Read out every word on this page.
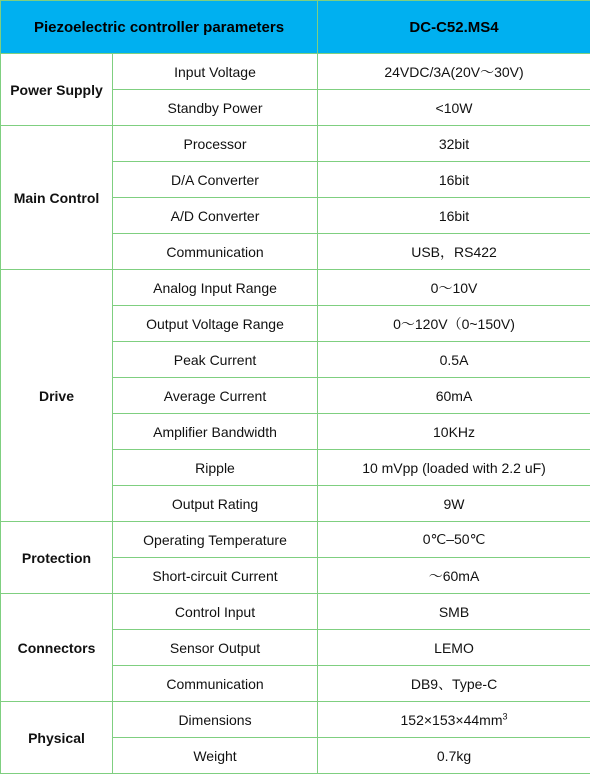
Piezoelectric controller parameters		DC-C52.MS4
Power Supply	Input Voltage	24VDC/3A(20V～30V)
	Standby Power	<10W
Main Control	Processor	32bit
	D/A Converter	16bit
	A/D Converter	16bit
	Communication	USB，RS422
Drive	Analog Input Range	0～10V
	Output Voltage Range	0～120V（0~150V)
	Peak Current	0.5A
	Average Current	60mA
	Amplifier Bandwidth	10KHz
	Ripple	10 mVpp (loaded with 2.2 uF)
	Output Rating	9W
Protection	Operating Temperature	0℃–50℃
	Short-circuit Current	～60mA
Connectors	Control Input	SMB
	Sensor Output	LEMO
	Communication	DB9、Type-C
Physical	Dimensions	$152\times 153\times 44mm^3$
	Weight	0.7kg
